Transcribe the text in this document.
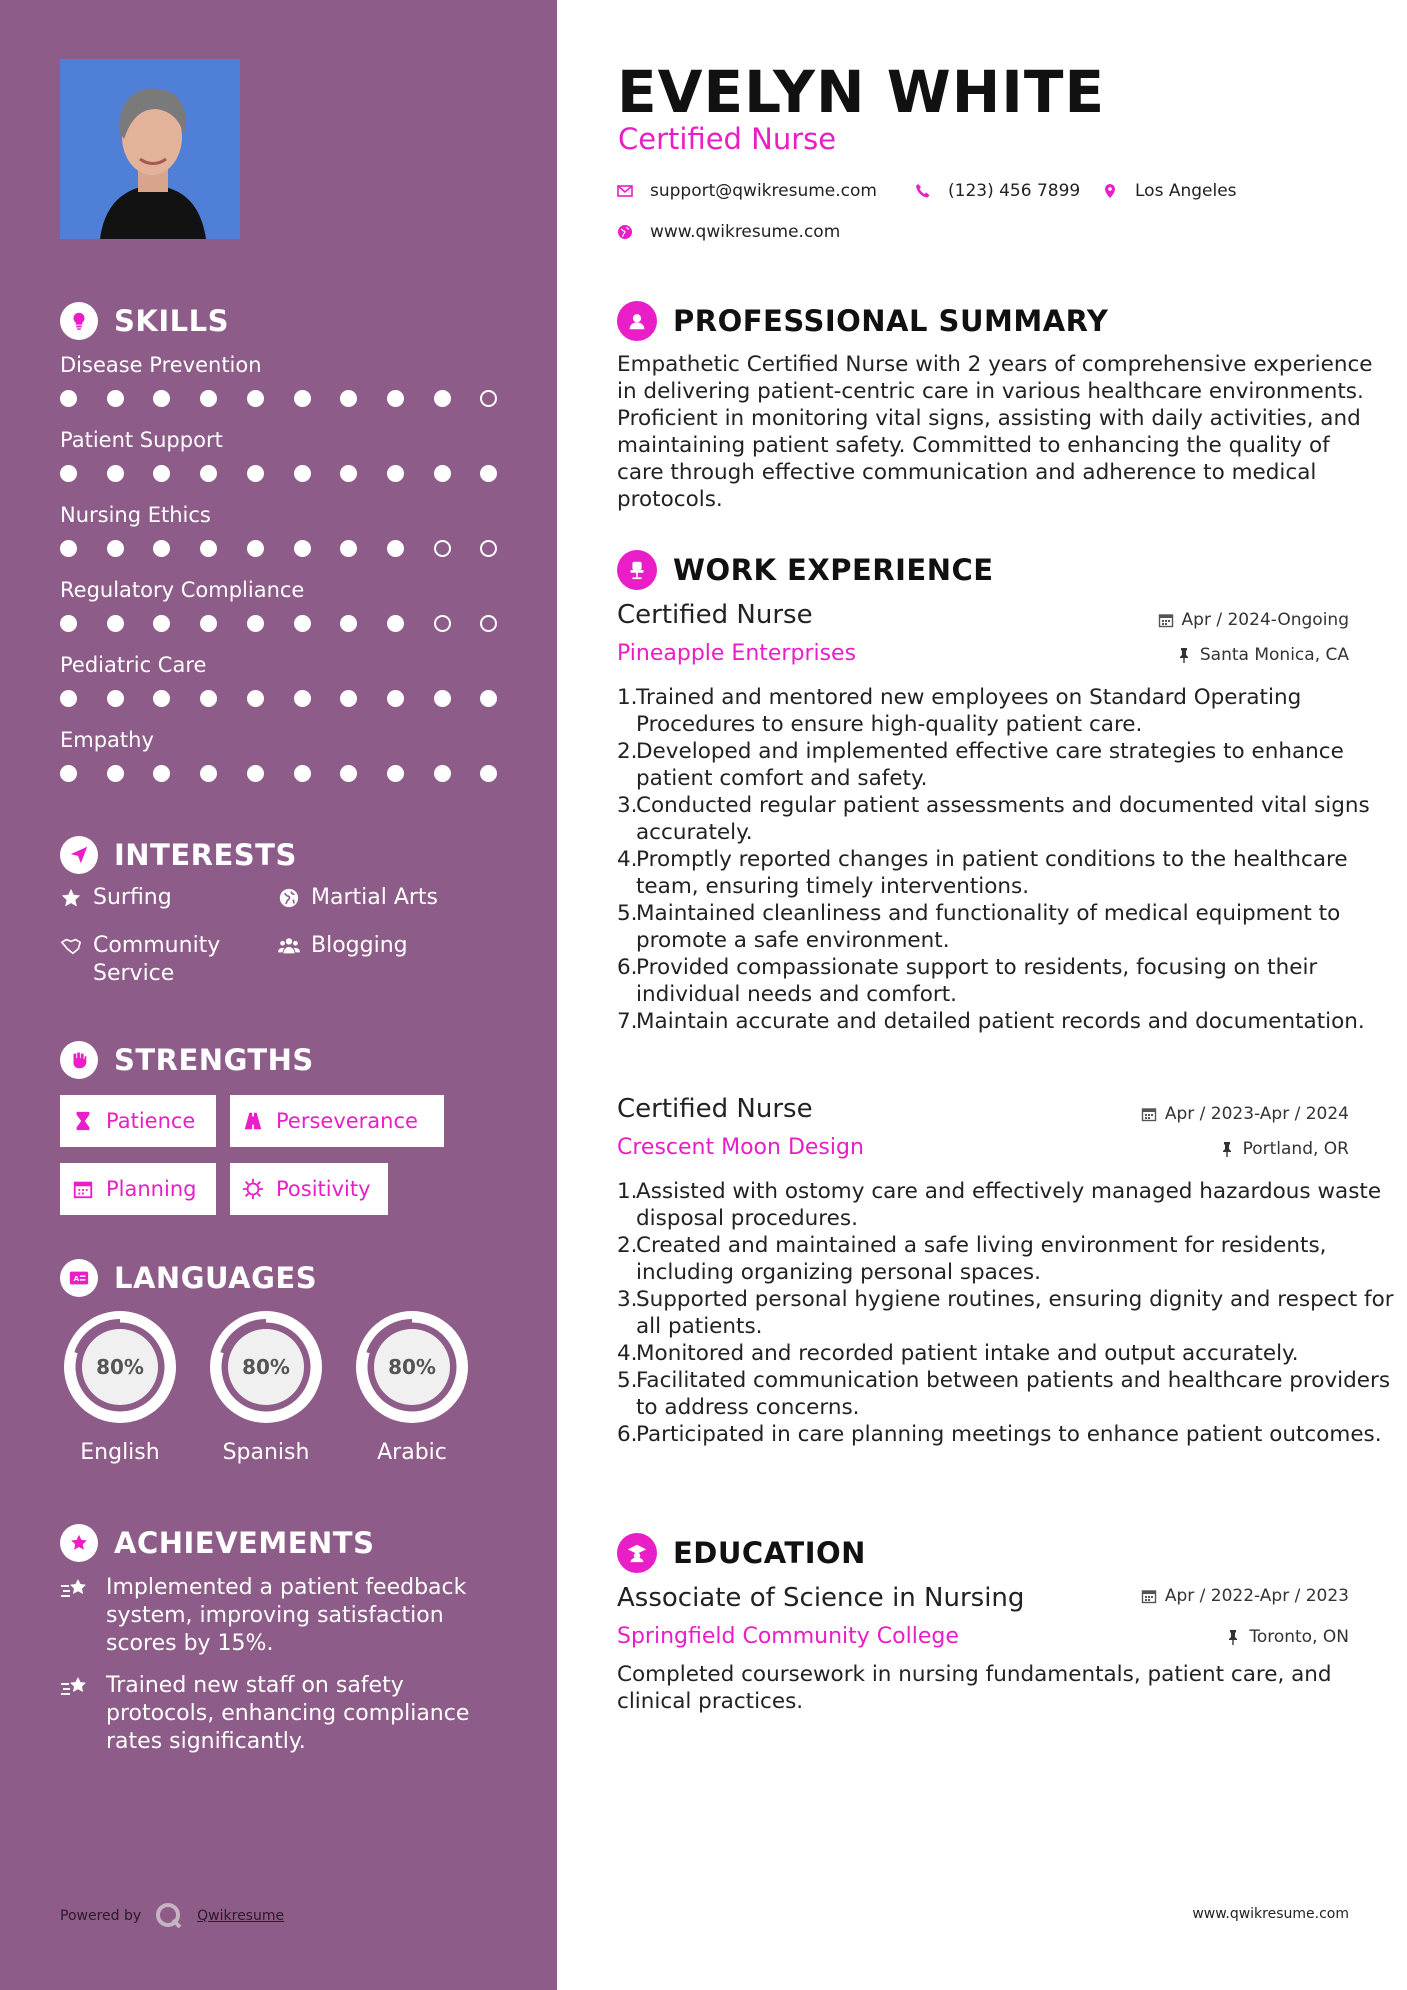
SKILLS
Disease Prevention
Patient Support
Nursing Ethics
Regulatory Compliance
Pediatric Care
Empathy
INTERESTS
Surfing	Martial Arts
Community Service
Blogging
STRENGTHS
Patience	Perseverance
Planning	Positivity
A LANGUAGES
80%
English
80%
Spanish
80%
Arabic
ACHIEVEMENTS
Implemented a patient feedback system, improving satisfaction scores by 15%.
Trained new staff on safety protocols, enhancing compliance rates significantly.
Powered by	Qwikresume
EVELYN WHITE
Certified Nurse
support@qwikresume.com	(123) 456 7899	Los Angeles
www.qwikresume.com
PROFESSIONAL SUMMARY
Empathetic Certified Nurse with 2 years of comprehensive experience in delivering patient-centric care in various healthcare environments. Proficient in monitoring vital signs, assisting with daily activities, and maintaining patient safety. Committed to enhancing the quality of care through effective communication and adherence to medical protocols.
WORK EXPERIENCE
Certified Nurse	Apr / 2024-Ongoing
Pineapple Enterprises	Santa Monica, CA
1.
Trained and mentored new employees on Standard Operating Procedures to ensure high-quality patient care.
2.
Developed and implemented effective care strategies to enhance patient comfort and safety.
3.
Conducted regular patient assessments and documented vital signs accurately.
4.
Promptly reported changes in patient conditions to the healthcare team, ensuring timely interventions.
5.
Maintained cleanliness and functionality of medical equipment to promote a safe environment.
6.
Provided compassionate support to residents, focusing on their individual needs and comfort.
7.
Maintain accurate and detailed patient records and documentation.
Certified Nurse	Apr / 2023-Apr / 2024
Crescent Moon Design	Portland, OR
1.
Assisted with ostomy care and effectively managed hazardous waste disposal procedures.
2.
Created and maintained a safe living environment for residents, including organizing personal spaces.
3.
Supported personal hygiene routines, ensuring dignity and respect for all patients.
4.
Monitored and recorded patient intake and output accurately.
5.
Facilitated communication between patients and healthcare providers to address concerns.
6.
Participated in care planning meetings to enhance patient outcomes.
EDUCATION
Associate of Science in Nursing	Apr / 2022-Apr / 2023
Springfield Community College	Toronto, ON
Completed coursework in nursing fundamentals, patient care, and clinical practices.
www.qwikresume.com
